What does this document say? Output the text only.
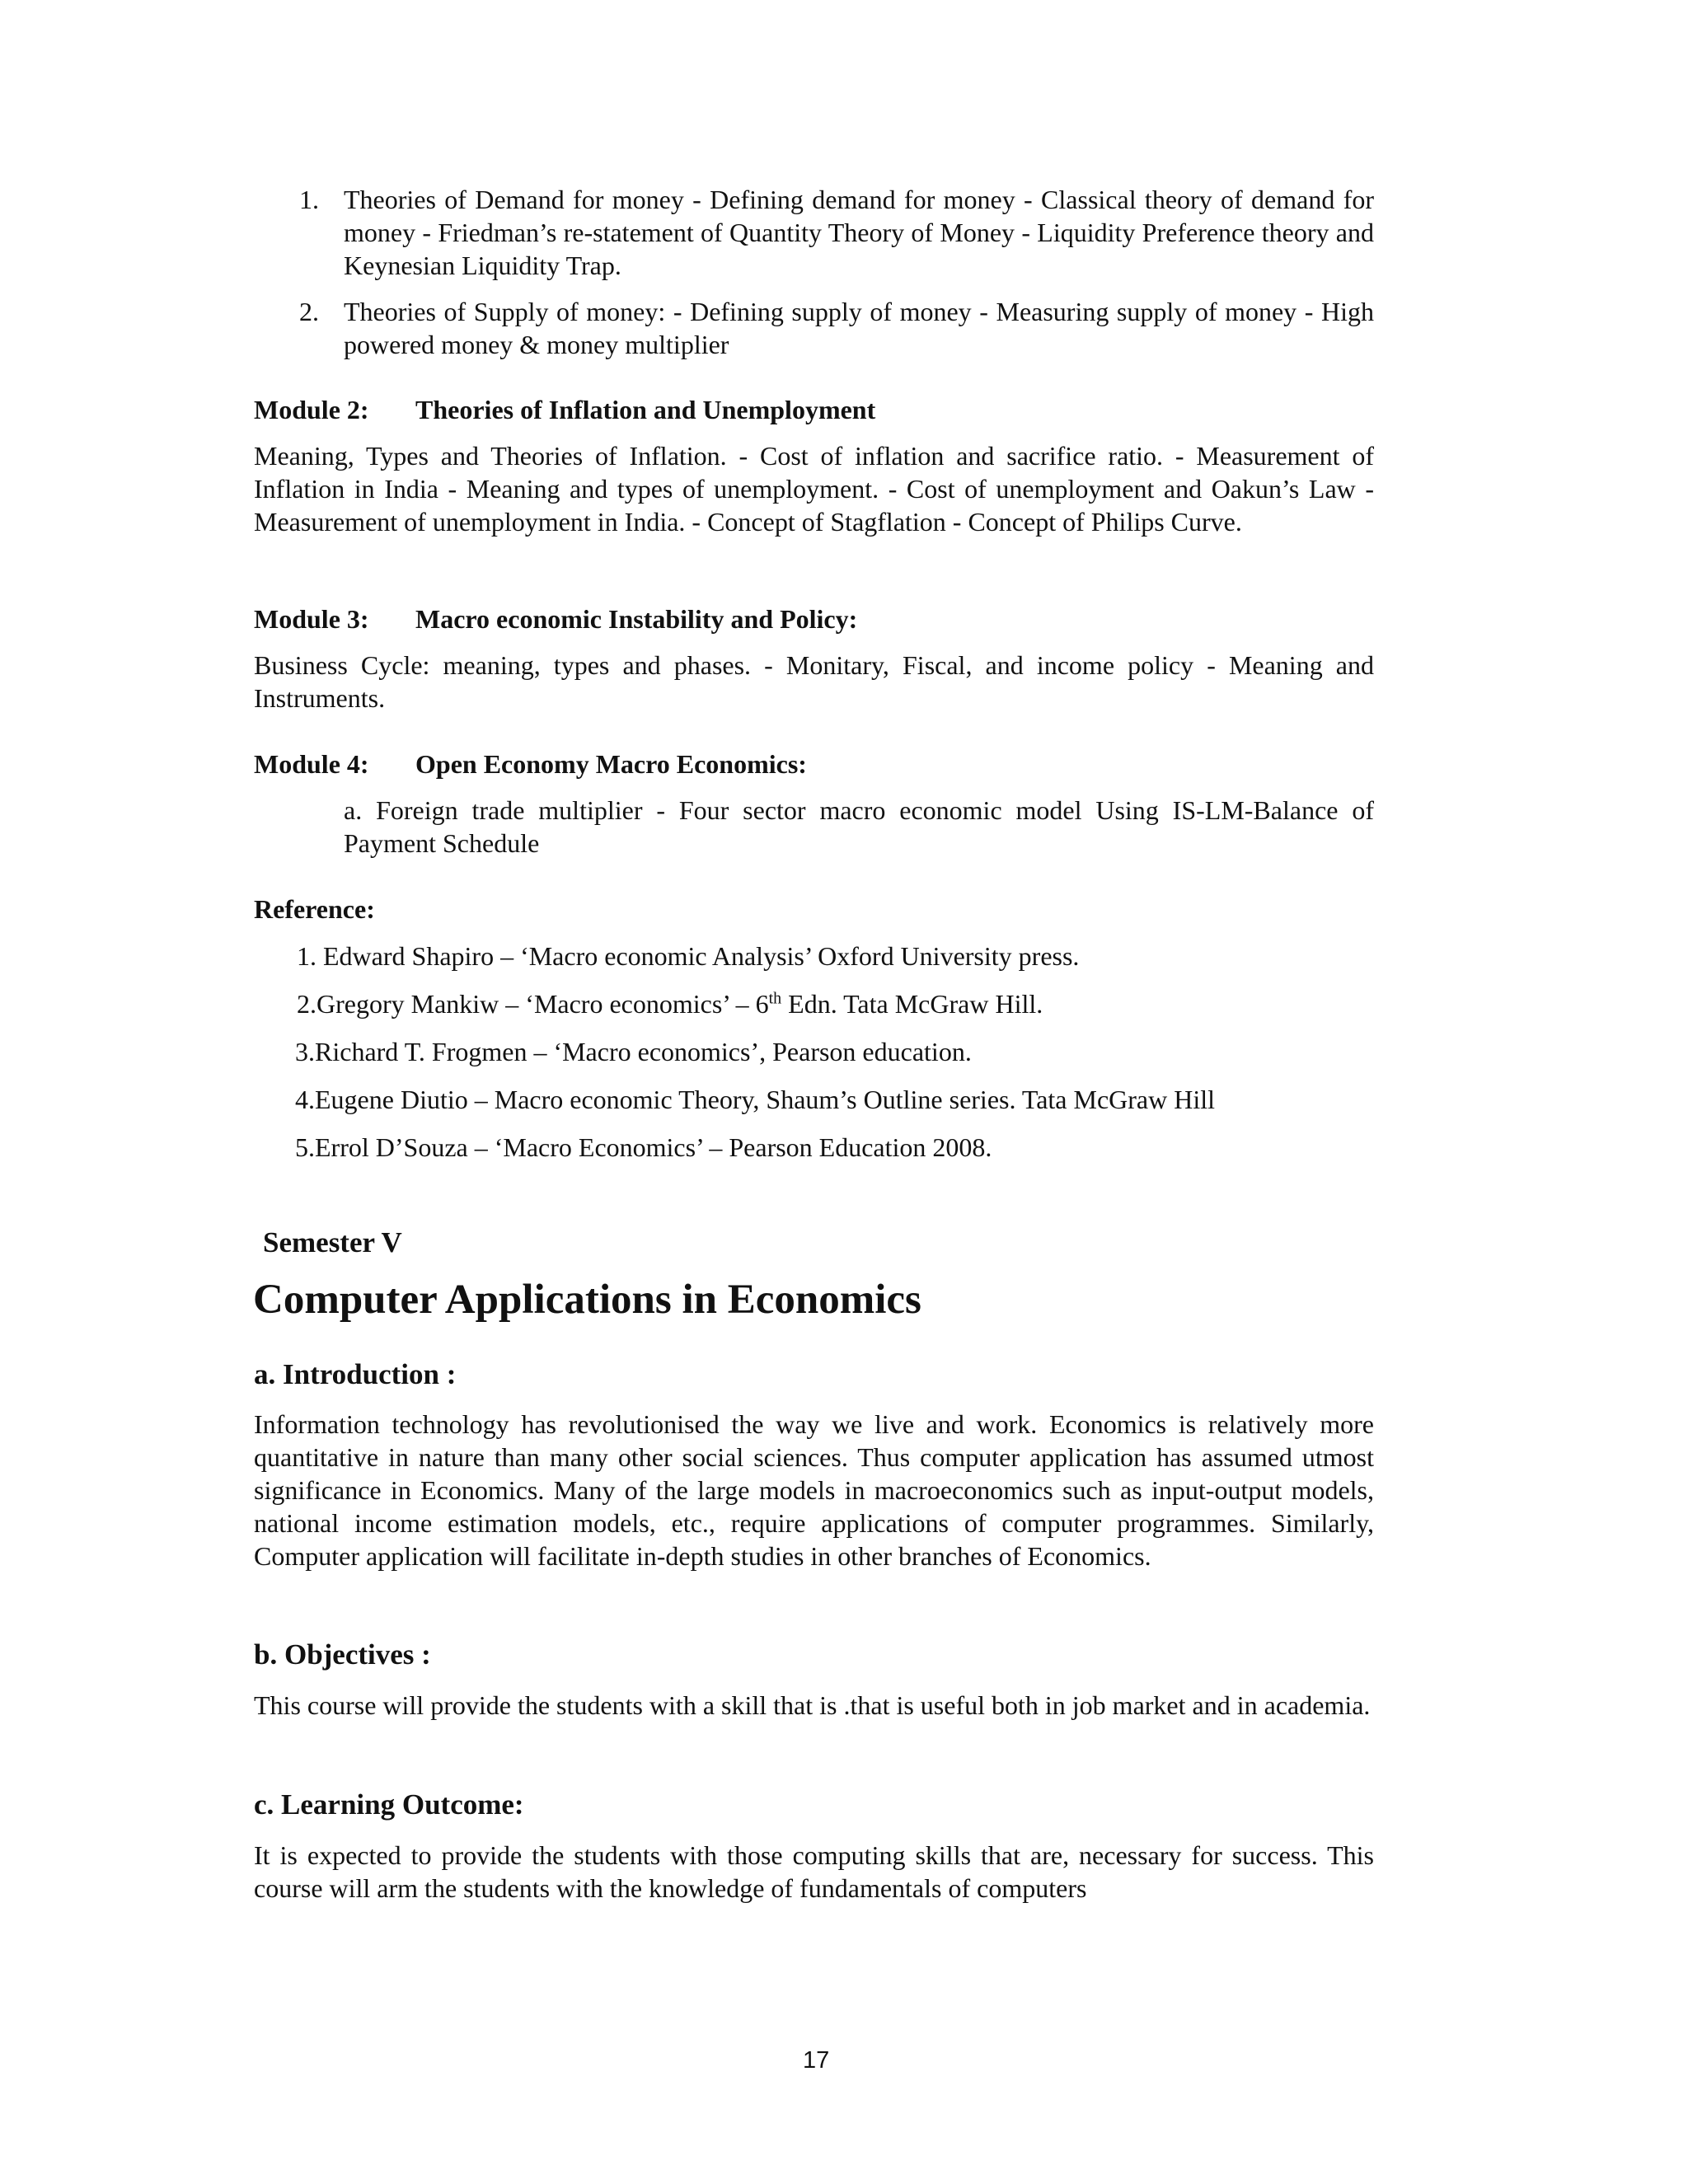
1. Theories of Demand for money - Defining demand for money - Classical theory of demand for money - Friedman’s re-statement of Quantity Theory of Money - Liquidity Preference theory and Keynesian Liquidity Trap.
2. Theories of Supply of money: - Defining supply of money - Measuring supply of money - High powered money & money multiplier
Module 2: Theories of Inflation and Unemployment
Meaning, Types and Theories of Inflation. - Cost of inflation and sacrifice ratio. - Measurement of Inflation in India - Meaning and types of unemployment. - Cost of unemployment and Oakun’s Law - Measurement of unemployment in India. - Concept of Stagflation - Concept of Philips Curve.
Module 3: Macro economic Instability and Policy:
Business Cycle: meaning, types and phases. - Monitary, Fiscal, and income policy - Meaning and Instruments.
Module 4: Open Economy Macro Economics:
a. Foreign trade multiplier - Four sector macro economic model Using IS-LM-Balance of Payment Schedule
Reference:
1. Edward Shapiro – ‘Macro economic Analysis’ Oxford University press.
2.Gregory Mankiw – ‘Macro economics’ – 6th Edn. Tata McGraw Hill.
3.Richard T. Frogmen – ‘Macro economics’, Pearson education.
4.Eugene Diutio – Macro economic Theory, Shaum’s Outline series. Tata McGraw Hill
5.Errol D’Souza – ‘Macro Economics’ – Pearson Education 2008.
Semester V
Computer Applications in Economics
a. Introduction :
Information technology has revolutionised the way we live and work. Economics is relatively more quantitative in nature than many other social sciences. Thus computer application has assumed utmost significance in Economics. Many of the large models in macroeconomics such as input-output models, national income estimation models, etc., require applications of computer programmes. Similarly, Computer application will facilitate in-depth studies in other branches of Economics.
b. Objectives :
This course will provide the students with a skill that is .that is useful both in job market and in academia.
c. Learning Outcome:
It is expected to provide the students with those computing skills that are, necessary for success. This course will arm the students with the knowledge of fundamentals of computers
17
